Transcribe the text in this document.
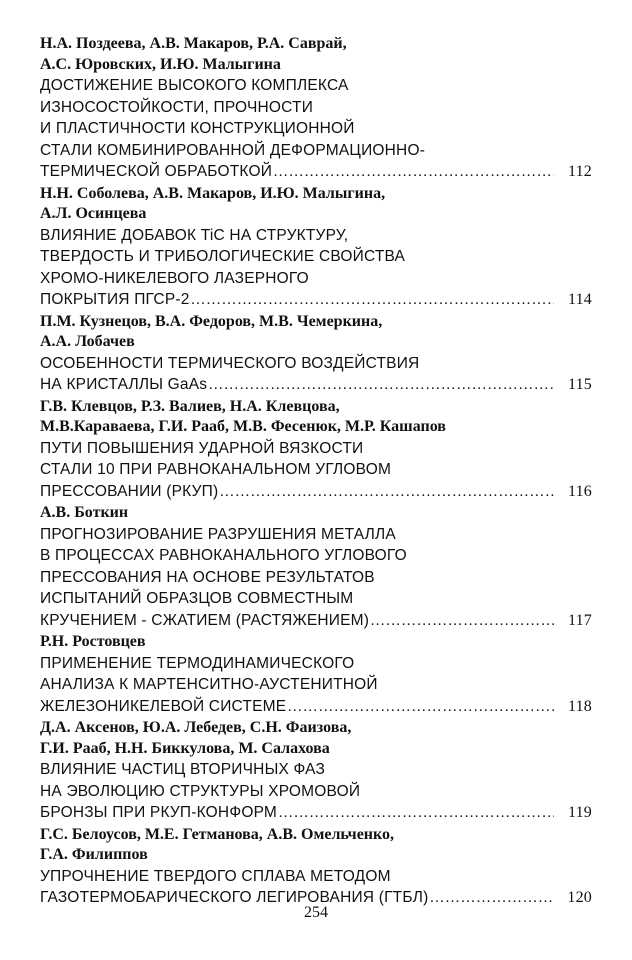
Н.А. Поздеева, А.В. Макаров, Р.А. Саврай,
А.С. Юровских, И.Ю. Малыгина
ДОСТИЖЕНИЕ ВЫСОКОГО КОМПЛЕКСА
ИЗНОСОСТОЙКОСТИ, ПРОЧНОСТИ
И ПЛАСТИЧНОСТИ КОНСТРУКЦИОННОЙ
СТАЛИ КОМБИНИРОВАННОЙ ДЕФОРМАЦИОННО-
ТЕРМИЧЕСКОЙ ОБРАБОТКОЙ ………………………………………………………………………………………………………………………………	112
Н.Н. Соболева, А.В. Макаров, И.Ю. Малыгина,
А.Л. Осинцева
ВЛИЯНИЕ ДОБАВОК TiC НА СТРУКТУРУ,
ТВЕРДОСТЬ И ТРИБОЛОГИЧЕСКИЕ СВОЙСТВА
ХРОМО-НИКЕЛЕВОГО ЛАЗЕРНОГО
ПОКРЫТИЯ ПГСР-2 ………………………………………………………………………………………………………………………………	114
П.М. Кузнецов, В.А. Федоров, М.В. Чемеркина,
А.А. Лобачев
ОСОБЕННОСТИ ТЕРМИЧЕСКОГО ВОЗДЕЙСТВИЯ
НА КРИСТАЛЛЫ GaAs ………………………………………………………………………………………………………………………………	115
Г.В. Клевцов, Р.З. Валиев, Н.А. Клевцова,
М.В.Караваева, Г.И. Рааб, М.В. Фесенюк, М.Р. Кашапов
ПУТИ ПОВЫШЕНИЯ УДАРНОЙ ВЯЗКОСТИ
СТАЛИ 10 ПРИ РАВНОКАНАЛЬНОМ УГЛОВОМ
ПРЕССОВАНИИ (РКУП) ………………………………………………………………………………………………………………………………	116
А.В. Боткин
ПРОГНОЗИРОВАНИЕ РАЗРУШЕНИЯ МЕТАЛЛА
В ПРОЦЕССАХ РАВНОКАНАЛЬНОГО УГЛОВОГО
ПРЕССОВАНИЯ НА ОСНОВЕ РЕЗУЛЬТАТОВ
ИСПЫТАНИЙ ОБРАЗЦОВ СОВМЕСТНЫМ
КРУЧЕНИЕМ - СЖАТИЕМ (РАСТЯЖЕНИЕМ) ………………………………………………………………………………………………………………………………	117
Р.Н. Ростовцев
ПРИМЕНЕНИЕ ТЕРМОДИНАМИЧЕСКОГО
АНАЛИЗА К МАРТЕНСИТНО-АУСТЕНИТНОЙ
ЖЕЛЕЗОНИКЕЛЕВОЙ СИСТЕМЕ ………………………………………………………………………………………………………………………………	118
Д.А. Аксенов, Ю.А. Лебедев, С.Н. Фаизова,
Г.И. Рааб, Н.Н. Биккулова, М. Салахова
ВЛИЯНИЕ ЧАСТИЦ ВТОРИЧНЫХ ФАЗ
НА ЭВОЛЮЦИЮ СТРУКТУРЫ ХРОМОВОЙ
БРОНЗЫ ПРИ РКУП-КОНФОРМ ………………………………………………………………………………………………………………………………	119
Г.С. Белоусов, М.Е. Гетманова, А.В. Омельченко,
Г.А. Филиппов
УПРОЧНЕНИЕ ТВЕРДОГО СПЛАВА МЕТОДОМ
ГАЗОТЕРМОБАРИЧЕСКОГО ЛЕГИРОВАНИЯ (ГТБЛ) ………………………………………………………………………………………………………………………………	120
254
